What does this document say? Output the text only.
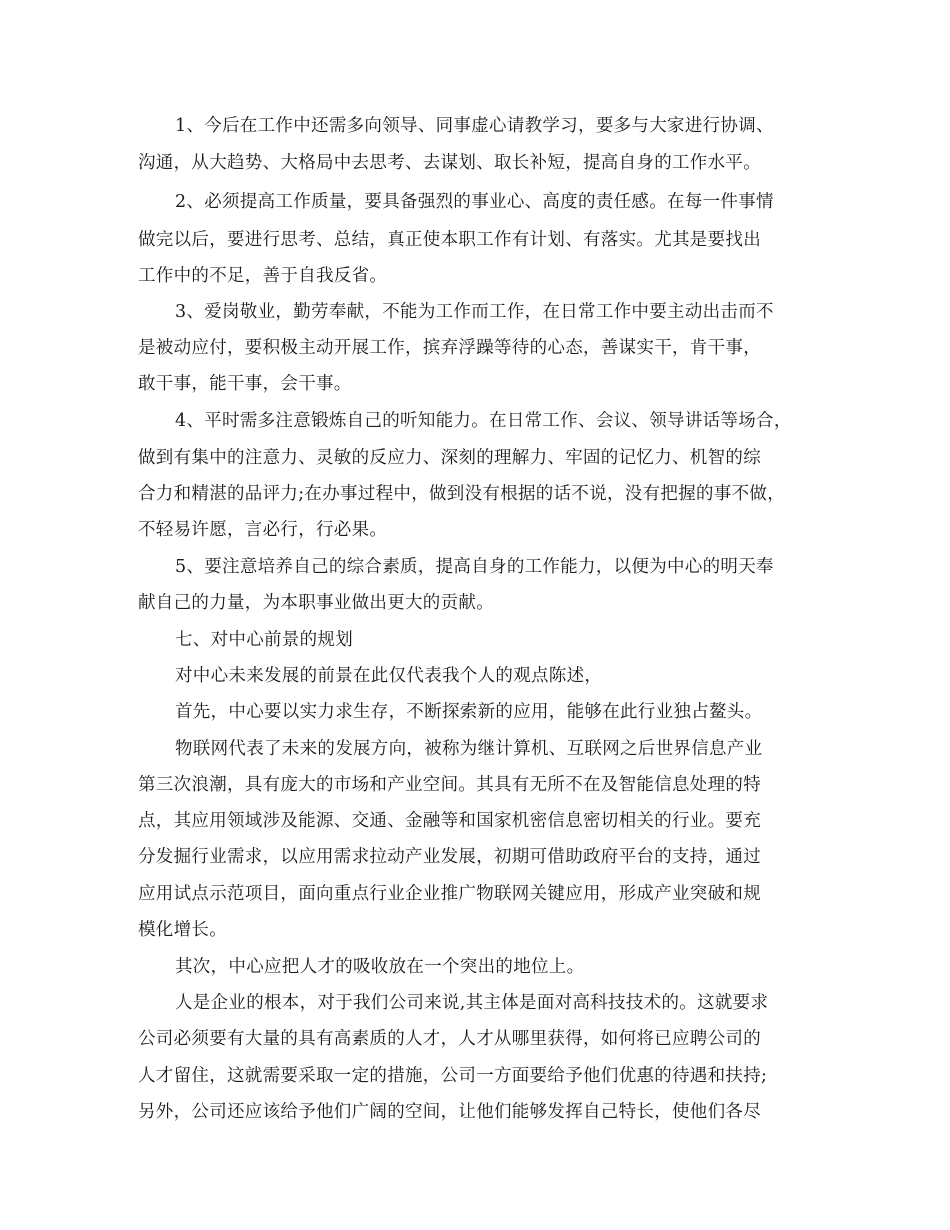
1、今后在工作中还需多向领导、同事虚心请教学习，要多与大家进行协调、
沟通，从大趋势、大格局中去思考、去谋划、取长补短，提高自身的工作水平。
2、必须提高工作质量，要具备强烈的事业心、高度的责任感。在每一件事情
做完以后，要进行思考、总结，真正使本职工作有计划、有落实。尤其是要找出
工作中的不足，善于自我反省。
3、爱岗敬业，勤劳奉献，不能为工作而工作，在日常工作中要主动出击而不
是被动应付，要积极主动开展工作，摈弃浮躁等待的心态，善谋实干，肯干事，
敢干事，能干事，会干事。
4、平时需多注意锻炼自己的听知能力。在日常工作、会议、领导讲话等场合，
做到有集中的注意力、灵敏的反应力、深刻的理解力、牢固的记忆力、机智的综
合力和精湛的品评力;在办事过程中，做到没有根据的话不说，没有把握的事不做，
不轻易许愿，言必行，行必果。
5、要注意培养自己的综合素质，提高自身的工作能力，以便为中心的明天奉
献自己的力量，为本职事业做出更大的贡献。
七、对中心前景的规划
对中心未来发展的前景在此仅代表我个人的观点陈述，
首先，中心要以实力求生存，不断探索新的应用，能够在此行业独占鳌头。
物联网代表了未来的发展方向，被称为继计算机、互联网之后世界信息产业
第三次浪潮，具有庞大的市场和产业空间。其具有无所不在及智能信息处理的特
点，其应用领域涉及能源、交通、金融等和国家机密信息密切相关的行业。要充
分发掘行业需求，以应用需求拉动产业发展，初期可借助政府平台的支持，通过
应用试点示范项目，面向重点行业企业推广物联网关键应用，形成产业突破和规
模化增长。
其次，中心应把人才的吸收放在一个突出的地位上。
人是企业的根本，对于我们公司来说,其主体是面对高科技技术的。这就要求
公司必须要有大量的具有高素质的人才，人才从哪里获得，如何将已应聘公司的
人才留住，这就需要采取一定的措施，公司一方面要给予他们优惠的待遇和扶持;
另外，公司还应该给予他们广阔的空间，让他们能够发挥自己特长，使他们各尽
